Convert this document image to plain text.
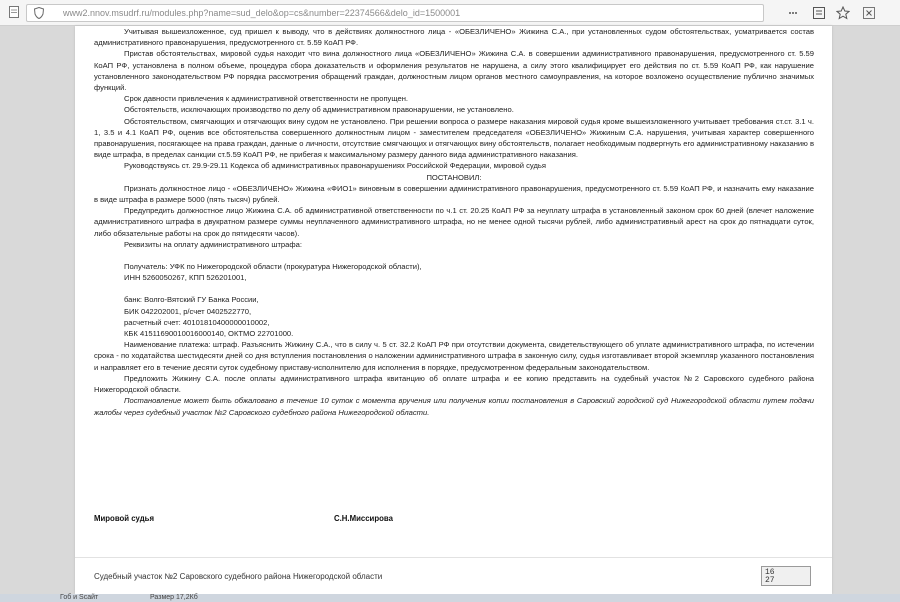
www2.nnov.msudrf.ru/modules.php?name=sud_delo&op=cs&number=22374566&delo_id=1500001

Учитывая вышеизложенное, суд пришел к выводу, что в действиях должностного лица - «ОБЕЗЛИЧЕНО» Жижина С.А., при установленных судом обстоятельствах, усматривается состав административного правонарушения, предусмотренного ст. 5.59 КоАП РФ.

Пристав обстоятельствах, мировой судья находит что вина должностного лица «ОБЕЗЛИЧЕНО» Жижина С.А. в совершении административного правонарушения, предусмотренного ст. 5.59 КоАП РФ, установлена в полном объеме, процедура сбора доказательств и оформления результатов не нарушена, а силу этого квалифицирует его действия по ст. 5.59 КоАП РФ, как нарушение установленного законодательством РФ порядка рассмотрения обращений граждан, должностным лицом органов местного самоуправления, на которое возложено осуществление публично значимых функций.

Срок давности привлечения к административной ответственности не пропущен.

Обстоятельств, исключающих производство по делу об административном правонарушении, не установлено.

Обстоятельством, смягчающих и отягчающих вину судом не установлено. При решении вопроса о размере наказания мировой судья кроме вышеизложенного учитывает требования ст.ст. 3.1 ч. 1, 3.5 и 4.1 КоАП РФ, оценив все обстоятельства совершенного должностным лицом - заместителем председателя «ОБЕЗЛИЧЕНО» Жижиным С.А. нарушения, учитывая характер совершенного правонарушения, посягающее на права граждан, данные о личности, отсутствие смягчающих и отягчающих вину обстоятельств, полагает необходимым подвергнуть его административному наказанию в виде штрафа, в пределах санкции ст.5.59 КоАП РФ, не прибегая к максимальному размеру данного вида административного наказания.

Руководствуясь ст. 29.9-29.11 Кодекса об административных правонарушениях Российской Федерации, мировой судья

ПОСТАНОВИЛ:

Признать должностное лицо - «ОБЕЗЛИЧЕНО» Жижина «ФИО1» виновным в совершении административного правонарушения, предусмотренного ст. 5.59 КоАП РФ, и назначить ему наказание в виде штрафа в размере 5000 (пять тысяч) рублей.

Предупредить должностное лицо Жижина С.А. об административной ответственности по ч.1 ст. 20.25 КоАП РФ за неуплату штрафа в установленный законом срок 60 дней (влечет наложение административного штрафа в двукратном размере суммы неуплаченного административного штрафа, но не менее одной тысячи рублей, либо административный арест на срок до пятнадцати суток, либо обязательные работы на срок до пятидесяти часов).

Реквизиты на оплату административного штрафа:

Получатель: УФК по Нижегородской области (прокуратура Нижегородской области),

ИНН 5260050267, КПП 526201001,

банк: Волго-Вятский ГУ Банка России,

БИК 042202001, р/счет 0402522770,

расчетный счет: 40101810400000010002,

КБК 41511690010016000140, ОКТМО 22701000.

Наименование платежа: штраф. Разъяснить Жижину С.А., что в силу ч. 5 ст. 32.2 КоАП РФ при отсутствии документа, свидетельствующего об уплате административного штрафа, по истечении срока - по ходатайства шестидесяти дней со дня вступления постановления о наложении административного штрафа в законную силу, судья изготавливает второй экземпляр указанного постановления и направляет его в течение десяти суток судебному приставу-исполнителю для исполнения в порядке, предусмотренном федеральным законодательством.

Предложить Жижину С.А. после оплаты административного штрафа квитанцию об оплате штрафа и ее копию представить на судебный участок №2 Саровского судебного района Нижегородской области.

Постановление может быть обжаловано в течение 10 суток с момента вручения или получения копии постановления в Саровский городской суд Нижегородской области путем подачи жалобы через судебный участок №2 Саровского судебного района Нижегородской области.

Мировой судья	С.Н.Миссирова
Судебный участок №2 Саровского судебного района Нижегородской области	16
27
Гоб и Sсайт	Размер 17,2Кб
